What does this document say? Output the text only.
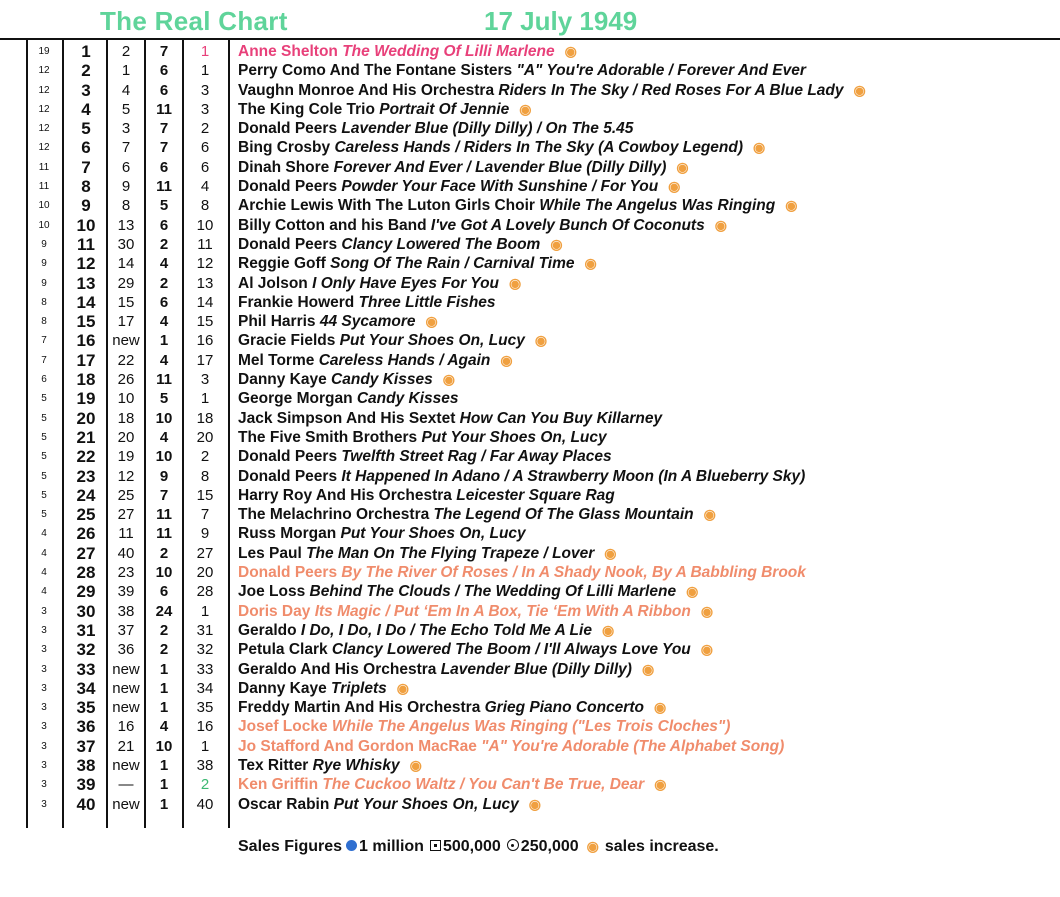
The Real Chart	17 July 1949
19	1	2	7	1	Anne Shelton The Wedding Of Lilli Marlene ◉
12	2	1	6	1	Perry Como And The Fontane Sisters "A" You're Adorable / Forever And Ever
12	3	4	6	3	Vaughn Monroe And His Orchestra Riders In The Sky / Red Roses For A Blue Lady ◉
12	4	5	11	3	The King Cole Trio Portrait Of Jennie ◉
12	5	3	7	2	Donald Peers Lavender Blue (Dilly Dilly) / On The 5.45
12	6	7	7	6	Bing Crosby Careless Hands / Riders In The Sky (A Cowboy Legend) ◉
11	7	6	6	6	Dinah Shore Forever And Ever / Lavender Blue (Dilly Dilly) ◉
11	8	9	11	4	Donald Peers Powder Your Face With Sunshine / For You ◉
10	9	8	5	8	Archie Lewis With The Luton Girls Choir While The Angelus Was Ringing ◉
10	10	13	6	10	Billy Cotton and his Band I've Got A Lovely Bunch Of Coconuts ◉
9	11	30	2	11	Donald Peers Clancy Lowered The Boom ◉
9	12	14	4	12	Reggie Goff Song Of The Rain / Carnival Time ◉
9	13	29	2	13	Al Jolson I Only Have Eyes For You ◉
8	14	15	6	14	Frankie Howerd Three Little Fishes
8	15	17	4	15	Phil Harris 44 Sycamore ◉
7	16	new	1	16	Gracie Fields Put Your Shoes On, Lucy ◉
7	17	22	4	17	Mel Torme Careless Hands / Again ◉
6	18	26	11	3	Danny Kaye Candy Kisses ◉
5	19	10	5	1	George Morgan Candy Kisses
5	20	18	10	18	Jack Simpson And His Sextet How Can You Buy Killarney
5	21	20	4	20	The Five Smith Brothers Put Your Shoes On, Lucy
5	22	19	10	2	Donald Peers Twelfth Street Rag / Far Away Places
5	23	12	9	8	Donald Peers It Happened In Adano / A Strawberry Moon (In A Blueberry Sky)
5	24	25	7	15	Harry Roy And His Orchestra Leicester Square Rag
5	25	27	11	7	The Melachrino Orchestra The Legend Of The Glass Mountain ◉
4	26	11	11	9	Russ Morgan Put Your Shoes On, Lucy
4	27	40	2	27	Les Paul The Man On The Flying Trapeze / Lover ◉
4	28	23	10	20	Donald Peers By The River Of Roses / In A Shady Nook, By A Babbling Brook
4	29	39	6	28	Joe Loss Behind The Clouds / The Wedding Of Lilli Marlene ◉
3	30	38	24	1	Doris Day Its Magic / Put ‘Em In A Box, Tie ‘Em With A Ribbon ◉
3	31	37	2	31	Geraldo I Do, I Do, I Do / The Echo Told Me A Lie ◉
3	32	36	2	32	Petula Clark Clancy Lowered The Boom / I'll Always Love You ◉
3	33	new	1	33	Geraldo And His Orchestra Lavender Blue (Dilly Dilly) ◉
3	34	new	1	34	Danny Kaye Triplets ◉
3	35	new	1	35	Freddy Martin And His Orchestra Grieg Piano Concerto ◉
3	36	16	4	16	Josef Locke While The Angelus Was Ringing ("Les Trois Cloches")
3	37	21	10	1	Jo Stafford And Gordon MacRae "A" You're Adorable (The Alphabet Song)
3	38	new	1	38	Tex Ritter Rye Whisky ◉
3	39	—	1	2	Ken Griffin The Cuckoo Waltz / You Can't Be True, Dear ◉
3	40	new	1	40	Oscar Rabin Put Your Shoes On, Lucy ◉
Sales Figures 1 million 500,000 250,000 ◉ sales increase.
